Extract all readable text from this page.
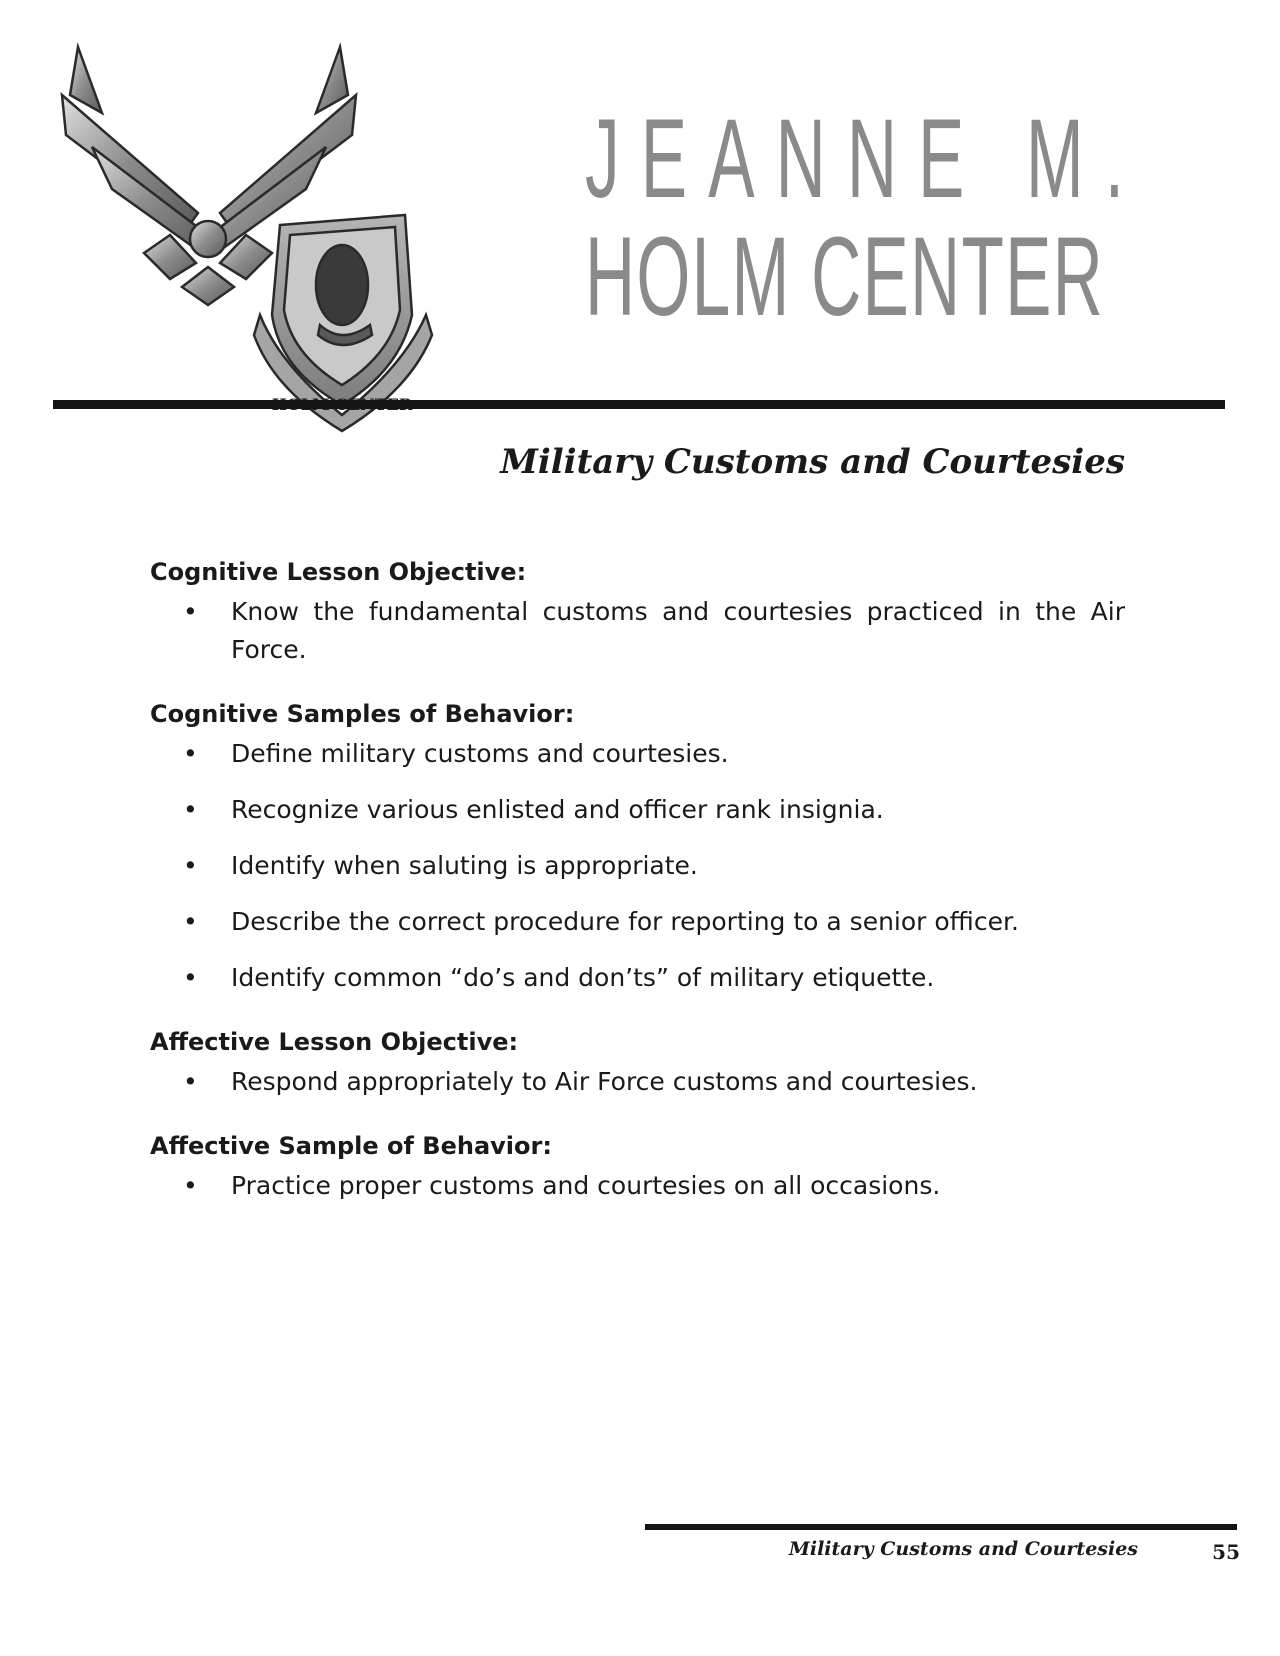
JEANNE M.
HOLM CENTER
Military Customs and Courtesies
Cognitive Lesson Objective:
• Know the fundamental customs and courtesies practiced in the Air Force.
Cognitive Samples of Behavior:
• Define military customs and courtesies.
• Recognize various enlisted and officer rank insignia.
• Identify when saluting is appropriate.
• Describe the correct procedure for reporting to a senior officer.
• Identify common “do’s and don’ts” of military etiquette.
Affective Lesson Objective:
• Respond appropriately to Air Force customs and courtesies.
Affective Sample of Behavior:
• Practice proper customs and courtesies on all occasions.
Military Customs and Courtesies	55
